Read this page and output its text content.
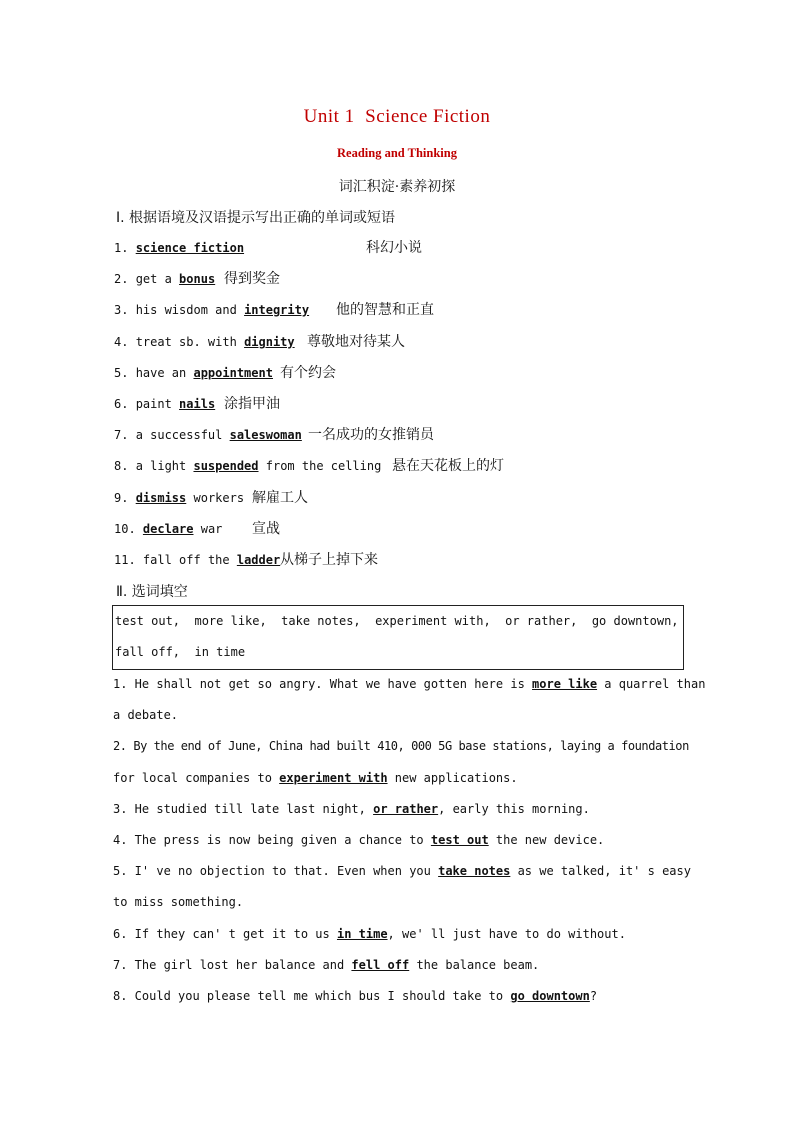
Unit 1  Science Fiction
Reading and Thinking
词汇积淀·素养初探
Ⅰ. 根据语境及汉语提示写出正确的单词或短语
1. science fiction	科幻小说
2. get a bonus 得到奖金
3. his wisdom and integrity 他的智慧和正直
4. treat sb. with dignity 尊敬地对待某人
5. have an appointment 有个约会
6. paint nails 涂指甲油
7. a successful saleswoman 一名成功的女推销员
8. a light suspended from the celling 悬在天花板上的灯
9. dismiss workers 解雇工人
10. declare war 宣战
11. fall off the ladder 从梯子上掉下来
Ⅱ. 选词填空
test out,  more like,  take notes,  experiment with,  or rather,  go downtown,
fall off,  in time
1. He shall not get so angry. What we have gotten here is more like a quarrel than
a debate.
2. By the end of June, China had built 410, 000 5G base stations, laying a foundation
for local companies to experiment with new applications.
3. He studied till late last night, or rather, early this morning.
4. The press is now being given a chance to test out the new device.
5. I' ve no objection to that. Even when you take notes as we talked, it' s easy
to miss something.
6. If they can' t get it to us in time, we' ll just have to do without.
7. The girl lost her balance and fell off the balance beam.
8. Could you please tell me which bus I should take to go downtown?
